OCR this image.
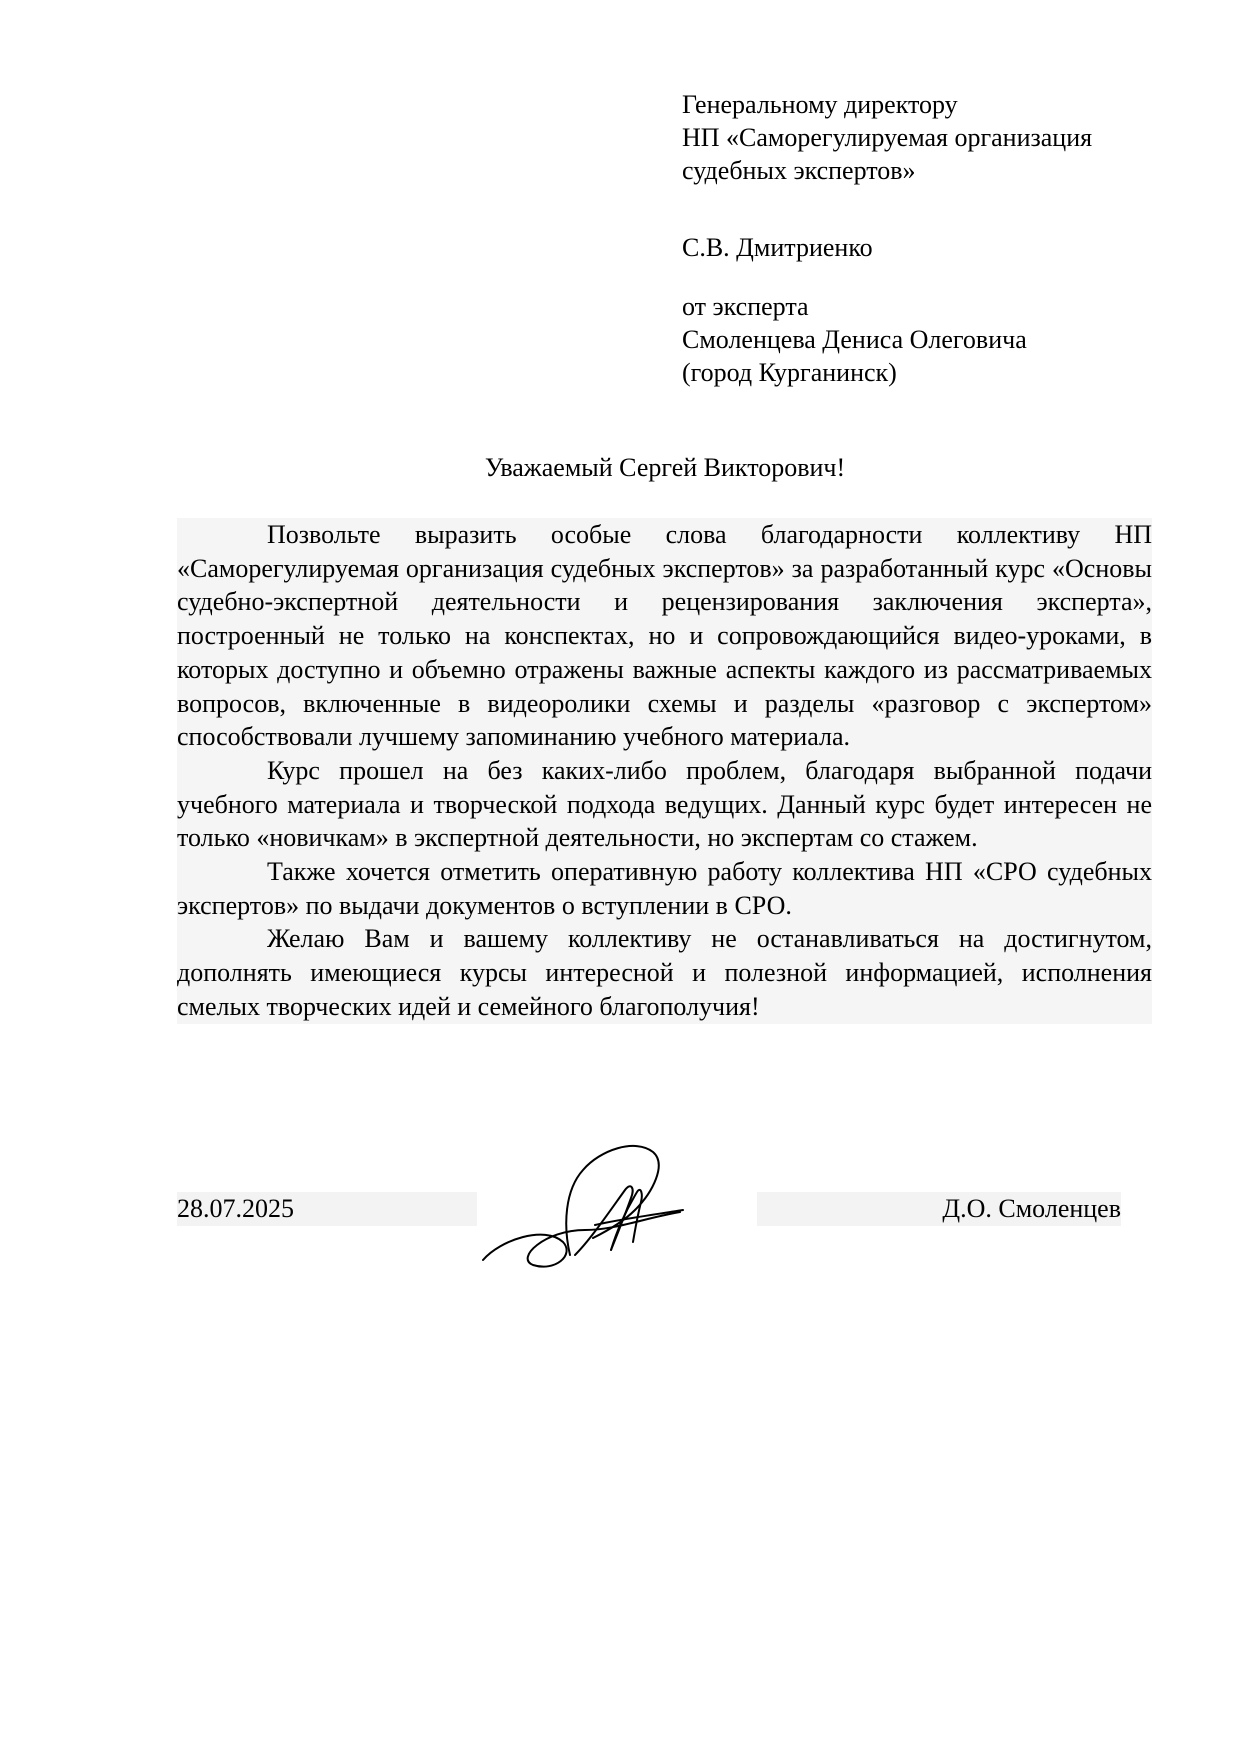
Генеральному директору
НП «Саморегулируемая организация
судебных экспертов»
С.В. Дмитриенко
от эксперта
Смоленцева Дениса Олеговича
(город Курганинск)
Уважаемый Сергей Викторович!

Позвольте выразить особые слова благодарности коллективу НП «Саморегулируемая организация судебных экспертов» за разработанный курс «Основы судебно-экспертной деятельности и рецензирования заключения эксперта», построенный не только на конспектах, но и сопровождающийся видео-уроками, в которых доступно и объемно отражены важные аспекты каждого из рассматриваемых вопросов, включенные в видеоролики схемы и разделы «разговор с экспертом» способствовали лучшему запоминанию учебного материала.

Курс прошел на без каких-либо проблем, благодаря выбранной подачи учебного материала и творческой подхода ведущих. Данный курс будет интересен не только «новичкам» в экспертной деятельности, но экспертам со стажем.

Также хочется отметить оперативную работу коллектива НП «СРО судебных экспертов» по выдачи документов о вступлении в СРО.

Желаю Вам и вашему коллективу не останавливаться на достигнутом, дополнять имеющиеся курсы интересной и полезной информацией, исполнения смелых творческих идей и семейного благополучия!

28.07.2025	Д.О. Смоленцев
